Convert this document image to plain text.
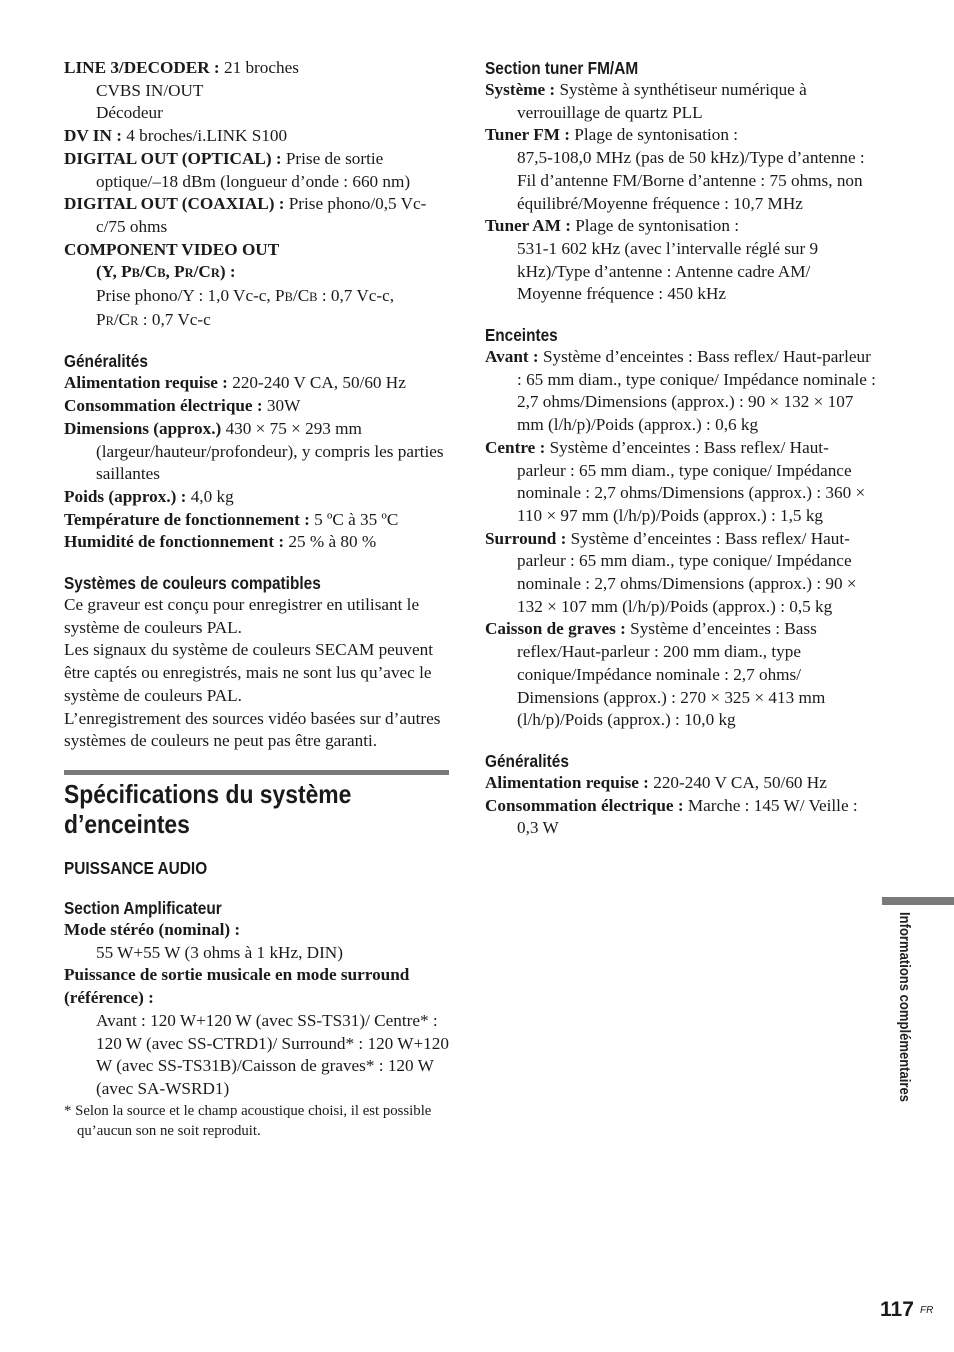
LINE 3/DECODER : 21 broches

CVBS IN/OUT

Décodeur

DV IN : 4 broches/i.LINK S100

DIGITAL OUT (OPTICAL) : Prise de sortie optique/–18 dBm (longueur d’onde : 660 nm)

DIGITAL OUT (COAXIAL) : Prise phono/0,5 Vc-c/75 ohms

COMPONENT VIDEO OUT

(Y, PB/CB, PR/CR) :

Prise phono/Y : 1,0 Vc-c, PB/CB : 0,7 Vc-c,

PR/CR : 0,7 Vc-c

Généralités

Alimentation requise : 220-240 V CA, 50/60 Hz

Consommation électrique : 30W

Dimensions (approx.) 430 × 75 × 293 mm (largeur/hauteur/profondeur), y compris les parties saillantes

Poids (approx.) : 4,0 kg

Température de fonctionnement : 5 ºC à 35 ºC

Humidité de fonctionnement : 25 % à 80 %

Systèmes de couleurs compatibles

Ce graveur est conçu pour enregistrer en utilisant le système de couleurs PAL.

Les signaux du système de couleurs SECAM peuvent être captés ou enregistrés, mais ne sont lus qu’avec le système de couleurs PAL.

L’enregistrement des sources vidéo basées sur d’autres systèmes de couleurs ne peut pas être garanti.

Spécifications du système d’enceintes
PUISSANCE AUDIO
Section Amplificateur

Mode stéréo (nominal) :

55 W+55 W (3 ohms à 1 kHz, DIN)

Puissance de sortie musicale en mode surround (référence) :

Avant : 120 W+120 W (avec SS-TS31)/ Centre* : 120 W (avec SS-CTRD1)/ Surround* : 120 W+120 W (avec SS-TS31B)/Caisson de graves* : 120 W (avec SA-WSRD1)

* Selon la source et le champ acoustique choisi, il est possible qu’aucun son ne soit reproduit.

Section tuner FM/AM

Système : Système à synthétiseur numérique à verrouillage de quartz PLL

Tuner FM : Plage de syntonisation :

87,5-108,0 MHz (pas de 50 kHz)/Type d’antenne : Fil d’antenne FM/Borne d’antenne : 75 ohms, non équilibré/Moyenne fréquence : 10,7 MHz

Tuner AM : Plage de syntonisation :

531-1 602 kHz (avec l’intervalle réglé sur 9 kHz)/Type d’antenne : Antenne cadre AM/ Moyenne fréquence : 450 kHz

Enceintes

Avant : Système d’enceintes : Bass reflex/ Haut-parleur : 65 mm diam., type conique/ Impédance nominale : 2,7 ohms/Dimensions (approx.) : 90 × 132 × 107 mm (l/h/p)/Poids (approx.) : 0,6 kg

Centre : Système d’enceintes : Bass reflex/ Haut-parleur : 65 mm diam., type conique/ Impédance nominale : 2,7 ohms/Dimensions (approx.) : 360 × 110 × 97 mm (l/h/p)/Poids (approx.) : 1,5 kg

Surround : Système d’enceintes : Bass reflex/ Haut-parleur : 65 mm diam., type conique/ Impédance nominale : 2,7 ohms/Dimensions (approx.) : 90 × 132 × 107 mm (l/h/p)/Poids (approx.) : 0,5 kg

Caisson de graves : Système d’enceintes : Bass reflex/Haut-parleur : 200 mm diam., type conique/Impédance nominale : 2,7 ohms/ Dimensions (approx.) : 270 × 325 × 413 mm (l/h/p)/Poids (approx.) : 10,0 kg

Généralités

Alimentation requise : 220-240 V CA, 50/60 Hz

Consommation électrique : Marche : 145 W/ Veille : 0,3 W

Informations complémentaires
117 FR
